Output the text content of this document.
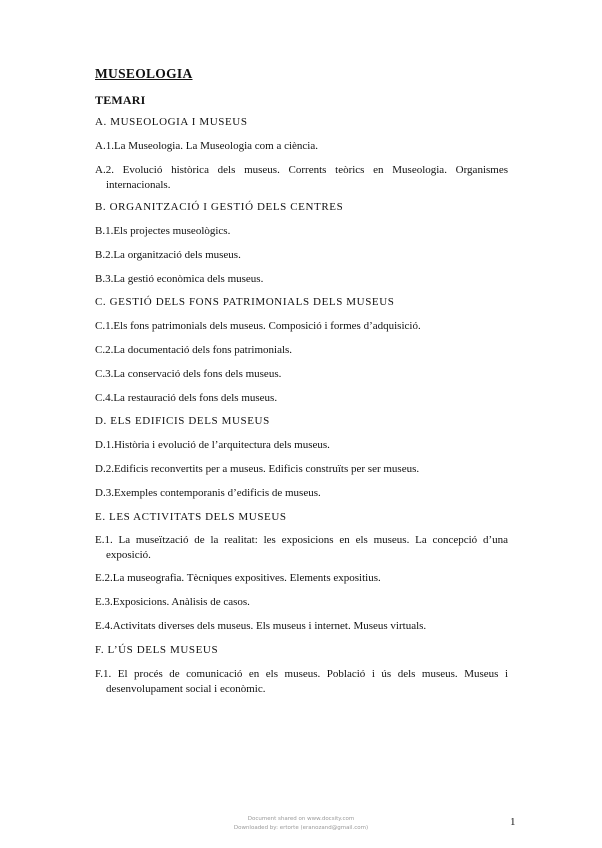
MUSEOLOGIA
TEMARI
A. MUSEOLOGIA I MUSEUS
A.1.La Museologia. La Museologia com a ciència.
A.2. Evolució històrica dels museus. Corrents teòrics en Museologia. Organismes internacionals.
B. ORGANITZACIÓ I GESTIÓ DELS CENTRES
B.1.Els projectes museològics.
B.2.La organització dels museus.
B.3.La gestió econòmica dels museus.
C. GESTIÓ DELS FONS PATRIMONIALS DELS MUSEUS
C.1.Els fons patrimonials dels museus. Composició i formes d’adquisició.
C.2.La documentació dels fons patrimonials.
C.3.La conservació dels fons dels museus.
C.4.La restauració dels fons dels museus.
D. ELS EDIFICIS DELS MUSEUS
D.1.Història i evolució de l’arquitectura dels museus.
D.2.Edificis reconvertits per a museus. Edificis construïts per ser museus.
D.3.Exemples contemporanis d’edificis de museus.
E. LES ACTIVITATS DELS MUSEUS
E.1. La museïtzació de la realitat: les exposicions en els museus. La concepció d’una exposició.
E.2.La museografia. Tècniques expositives. Elements expositius.
E.3.Exposicions. Anàlisis de casos.
E.4.Activitats diverses dels museus. Els museus i internet. Museus virtuals.
F. L’ÚS DELS MUSEUS
F.1. El procés de comunicació en els museus. Població i ús dels museus. Museus i desenvolupament social i econòmic.
Document shared on www.docsity.com
Downloaded by: ertorte (eranozand@gmail.com)	1
